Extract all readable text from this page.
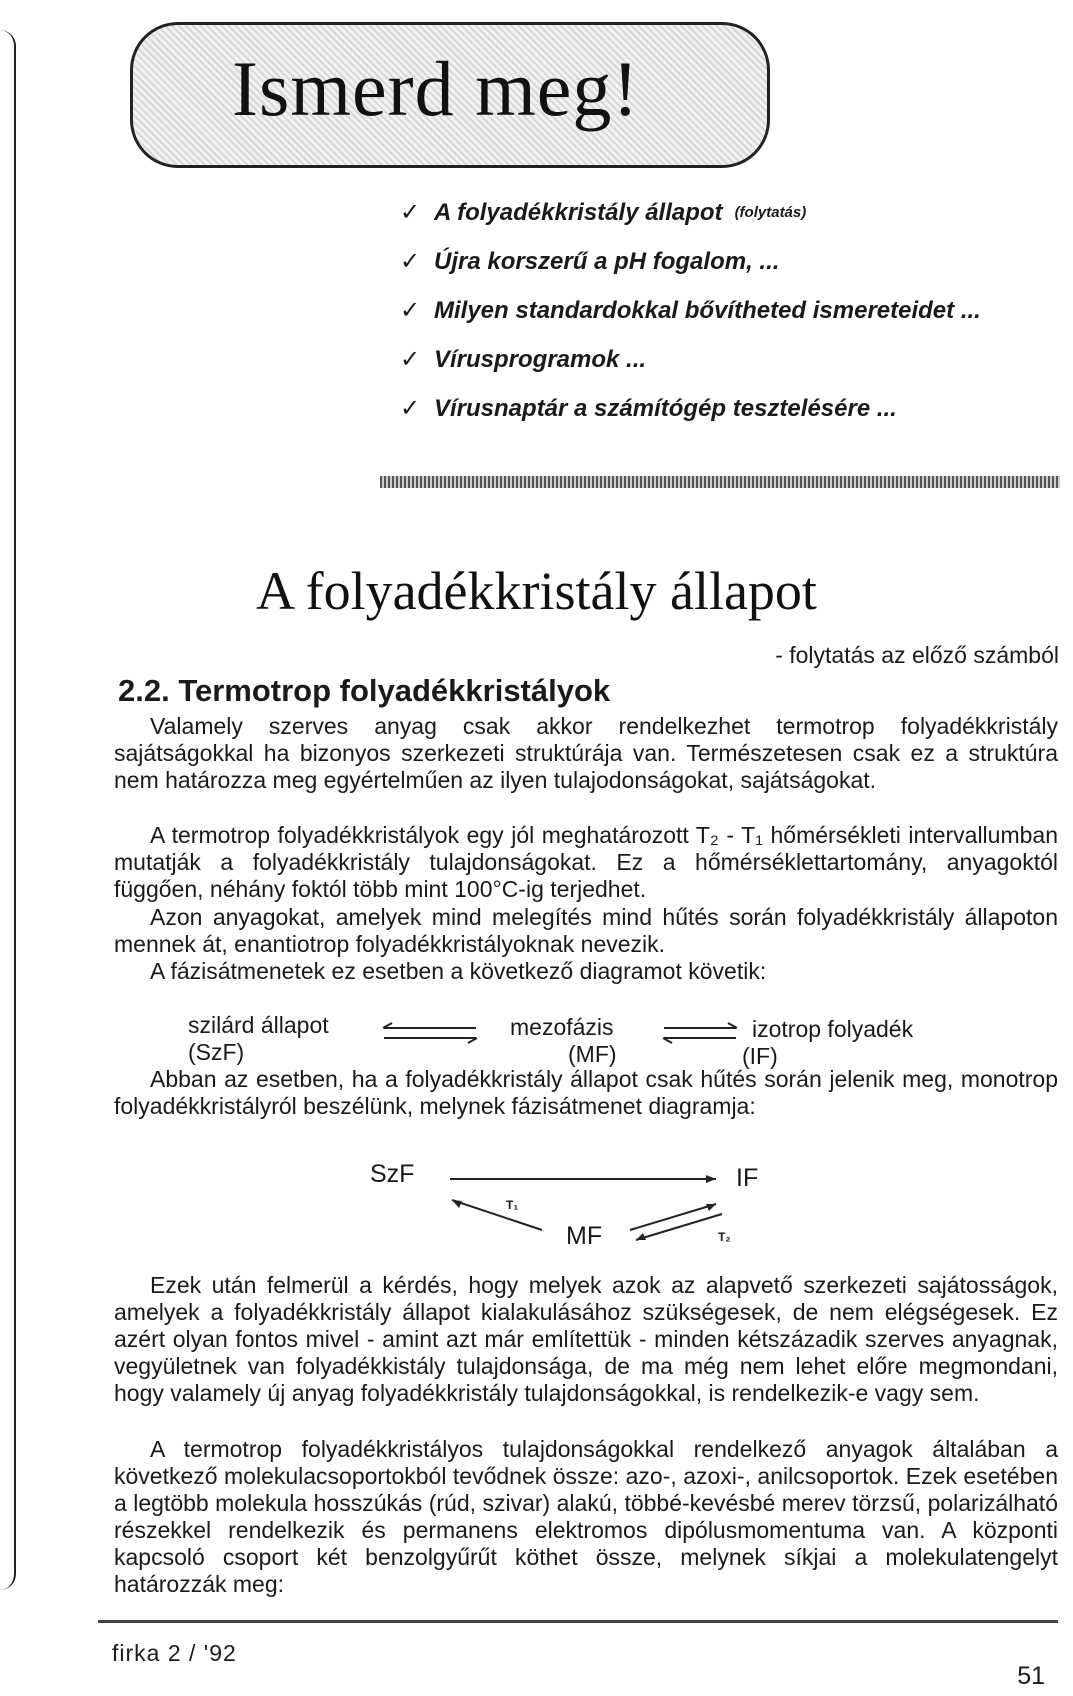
Ismerd meg!
✓ A folyadékkristály állapot (folytatás)
✓ Újra korszerű a pH fogalom, ...
✓ Milyen standardokkal bővítheted ismereteidet ...
✓ Vírusprogramok ...
✓ Vírusnaptár a számítógép tesztelésére ...
A folyadékkristály állapot
- folytatás az előző számból
2.2. Termotrop folyadékkristályok

Valamely szerves anyag csak akkor rendelkezhet termotrop folyadékkristály sajátságokkal ha bizonyos szerkezeti struktúrája van. Természetesen csak ez a struktúra nem határozza meg egyértelműen az ilyen tulajodonságokat, sajátságokat.

A termotrop folyadékkristályok egy jól meghatározott T₂ - T₁ hőmérsékleti intervallumban mutatják a folyadékkristály tulajdonságokat. Ez a hőmérséklettartomány, anyagoktól függően, néhány foktól több mint 100°C-ig terjedhet.

Azon anyagokat, amelyek mind melegítés mind hűtés során folyadékkristály állapoton mennek át, enantiotrop folyadékkristályoknak nevezik.

A fázisátmenetek ez esetben a következő diagramot követik:

szilárd állapot
(SzF)
mezofázis
(MF)
izotrop folyadék
(IF)

Abban az esetben, ha a folyadékkristály állapot csak hűtés során jelenik meg, monotrop folyadékkristályról beszélünk, melynek fázisátmenet diagramja:

SzF	IF
T₁
MF	T₂

Ezek után felmerül a kérdés, hogy melyek azok az alapvető szerkezeti sajátosságok, amelyek a folyadékkristály állapot kialakulásához szükségesek, de nem elégségesek. Ez azért olyan fontos mivel - amint azt már említettük - minden kétszázadik szerves anyagnak, vegyületnek van folyadékkistály tulajdonsága, de ma még nem lehet előre megmondani, hogy valamely új anyag folyadékkristály tulajdonságokkal, is rendelkezik-e vagy sem.

A termotrop folyadékkristályos tulajdonságokkal rendelkező anyagok általában a következő molekulacsoportokból tevődnek össze: azo-, azoxi-, anilcsoportok. Ezek esetében a legtöbb molekula hosszúkás (rúd, szivar) alakú, többé-kevésbé merev törzsű, polarizálható részekkel rendelkezik és permanens elektromos dipólusmomentuma van. A központi kapcsoló csoport két benzolgyűrűt köthet össze, melynek síkjai a molekulatengelyt határozzák meg:

firka 2 / '92
51
